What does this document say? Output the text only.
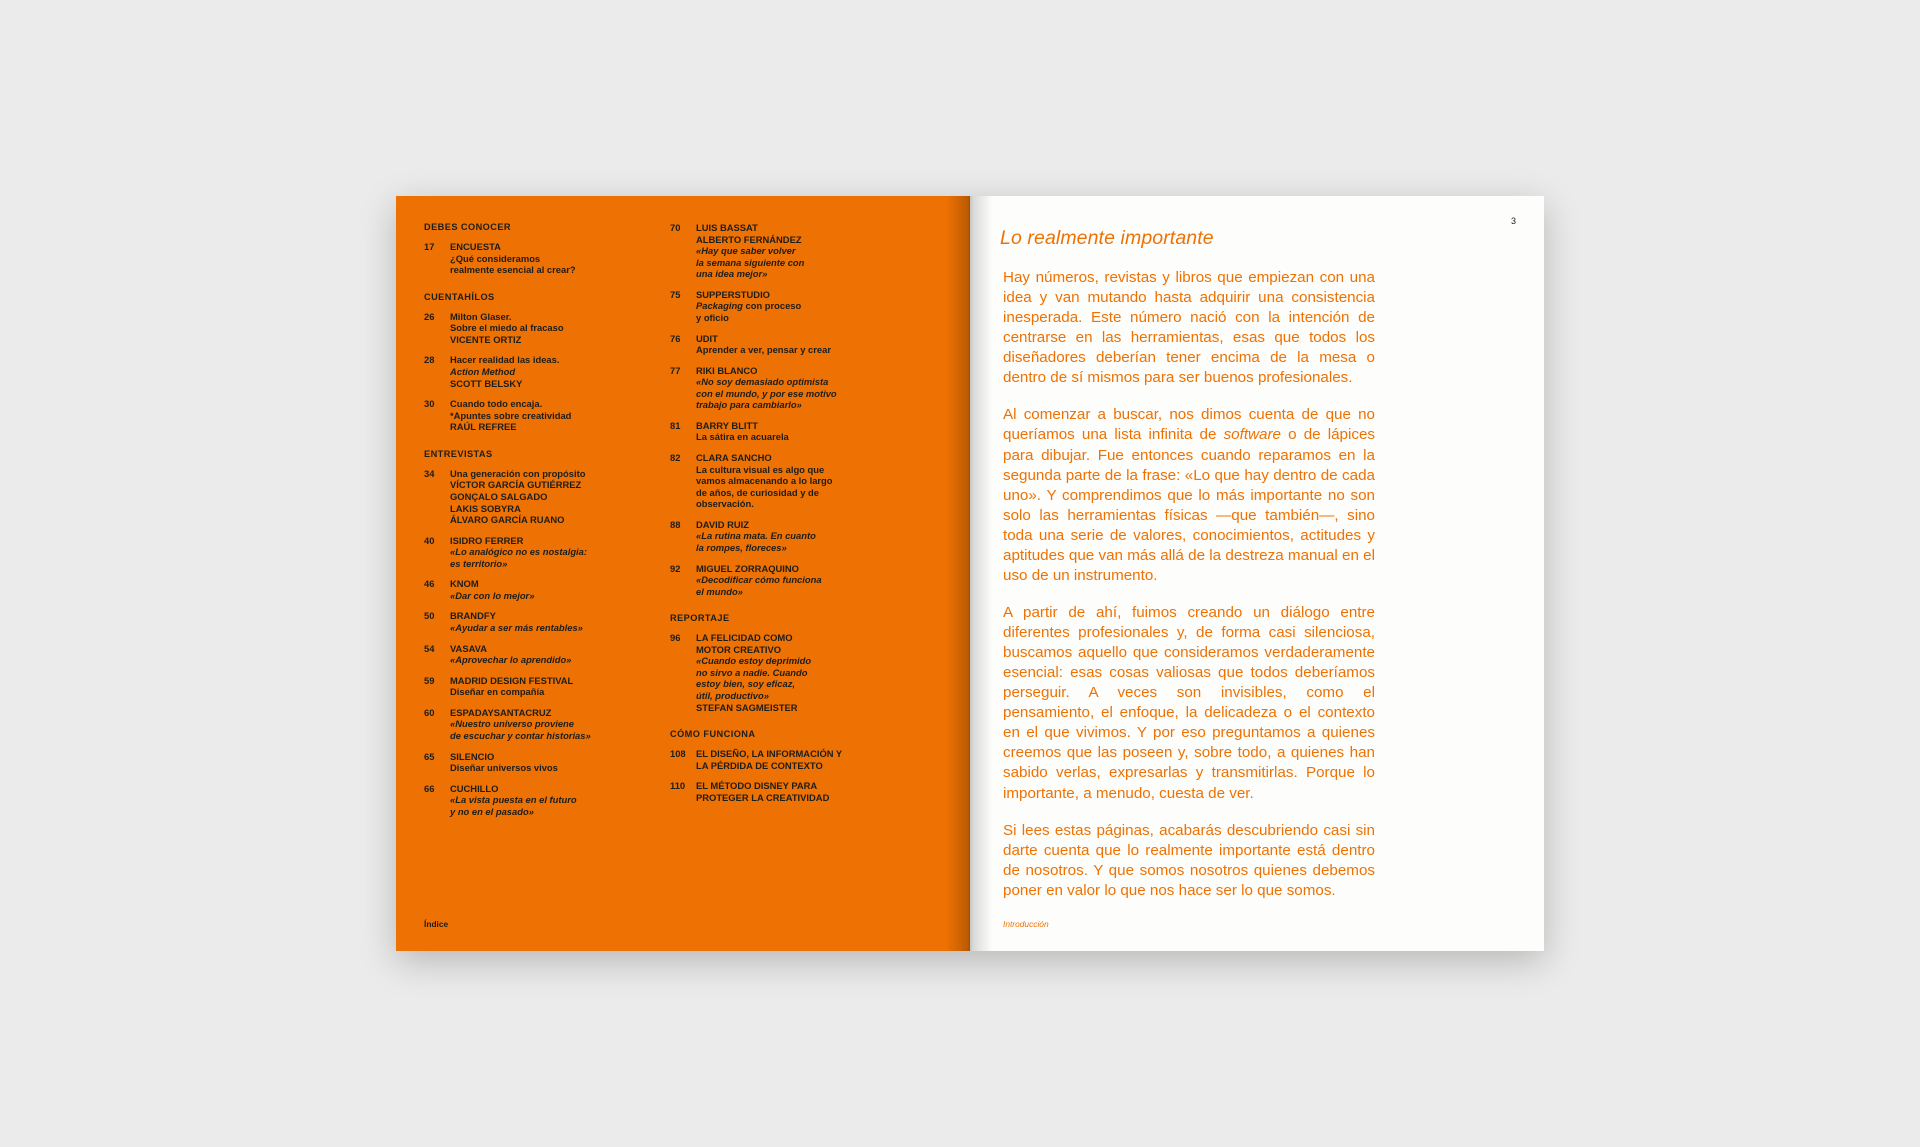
DEBES CONOCER
17	ENCUESTA
¿Qué consideramos
realmente esencial al crear?
CUENTAHÍLOS
26	Milton Glaser.
Sobre el miedo al fracaso
VICENTE ORTIZ
28	Hacer realidad las ideas.
Action Method
SCOTT BELSKY
30	Cuando todo encaja.
*Apuntes sobre creatividad
RAÚL REFREE
ENTREVISTAS
34	Una generación con propósito
VÍCTOR GARCÍA GUTIÉRREZ
GONÇALO SALGADO
LAKIS SOBYRA
ÁLVARO GARCÍA RUANO
40	ISIDRO FERRER
«Lo analógico no es nostalgia:
es territorio»
46	KNOM
«Dar con lo mejor»
50	BRANDFY
«Ayudar a ser más rentables»
54	VASAVA
«Aprovechar lo aprendido»
59	MADRID DESIGN FESTIVAL
Diseñar en compañía
60	ESPADAYSANTACRUZ
«Nuestro universo proviene
de escuchar y contar historias»
65	SILENCIO
Diseñar universos vivos
66	CUCHILLO
«La vista puesta en el futuro
y no en el pasado»
70	LUIS BASSAT
ALBERTO FERNÁNDEZ
«Hay que saber volver
la semana siguiente con
una idea mejor»
75	SUPPERSTUDIO
Packaging con proceso
y oficio
76	UDIT
Aprender a ver, pensar y crear
77	RIKI BLANCO
«No soy demasiado optimista
con el mundo, y por ese motivo
trabajo para cambiarlo»
81	BARRY BLITT
La sátira en acuarela
82	CLARA SANCHO
La cultura visual es algo que
vamos almacenando a lo largo
de años, de curiosidad y de
observación.
88	DAVID RUIZ
«La rutina mata. En cuanto
la rompes, floreces»
92	MIGUEL ZORRAQUINO
«Decodificar cómo funciona
el mundo»
REPORTAJE
96	LA FELICIDAD COMO
MOTOR CREATIVO
«Cuando estoy deprimido
no sirvo a nadie. Cuando
estoy bien, soy eficaz,
útil, productivo»
STEFAN SAGMEISTER
CÓMO FUNCIONA
108	EL DISEÑO, LA INFORMACIÓN Y
LA PÉRDIDA DE CONTEXTO
110	EL MÉTODO DISNEY PARA
PROTEGER LA CREATIVIDAD
Índice
3
Lo realmente importante

Hay números, revistas y libros que empiezan con una idea y van mutando hasta adquirir una consistencia inesperada. Este número nació con la intención de centrarse en las herramientas, esas que todos los diseñadores deberían tener encima de la mesa o dentro de sí mismos para ser buenos profesionales.

Al comenzar a buscar, nos dimos cuenta de que no queríamos una lista infinita de software o de lápices para dibujar. Fue entonces cuando reparamos en la segunda parte de la frase: «Lo que hay dentro de cada uno». Y comprendimos que lo más importante no son solo las herramientas físicas —que también—, sino toda una serie de valores, conocimientos, actitudes y aptitudes que van más allá de la destreza manual en el uso de un instrumento.

A partir de ahí, fuimos creando un diálogo entre diferentes profesionales y, de forma casi silenciosa, buscamos aquello que consideramos verdaderamente esencial: esas cosas valiosas que todos deberíamos perseguir. A veces son invisibles, como el pensamiento, el enfoque, la delicadeza o el contexto en el que vivimos. Y por eso preguntamos a quienes creemos que las poseen y, sobre todo, a quienes han sabido verlas, expresarlas y transmitirlas. Porque lo importante, a menudo, cuesta de ver.

Si lees estas páginas, acabarás descubriendo casi sin darte cuenta que lo realmente importante está dentro de nosotros. Y que somos nosotros quienes debemos poner en valor lo que nos hace ser lo que somos.

Introducción
